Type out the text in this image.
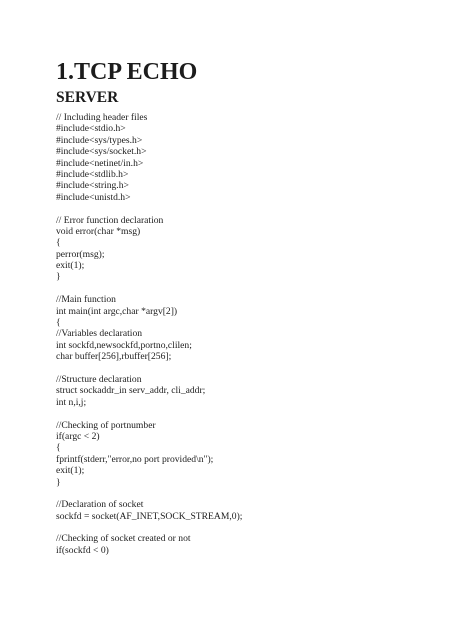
1.TCP ECHO
SERVER
// Including header files
#include<stdio.h>
#include<sys/types.h>
#include<sys/socket.h>
#include<netinet/in.h>
#include<stdlib.h>
#include<string.h>
#include<unistd.h>
// Error function declaration
void error(char *msg)
{
perror(msg);
exit(1);
}
//Main function
int main(int argc,char *argv[2])
{
//Variables declaration
int sockfd,newsockfd,portno,clilen;
char buffer[256],rbuffer[256];
//Structure declaration
struct sockaddr_in serv_addr, cli_addr;
int n,i,j;
//Checking of portnumber
if(argc < 2)
{
fprintf(stderr,"error,no port provided\n");
exit(1);
}
//Declaration of socket
sockfd = socket(AF_INET,SOCK_STREAM,0);
//Checking of socket created or not
if(sockfd < 0)
